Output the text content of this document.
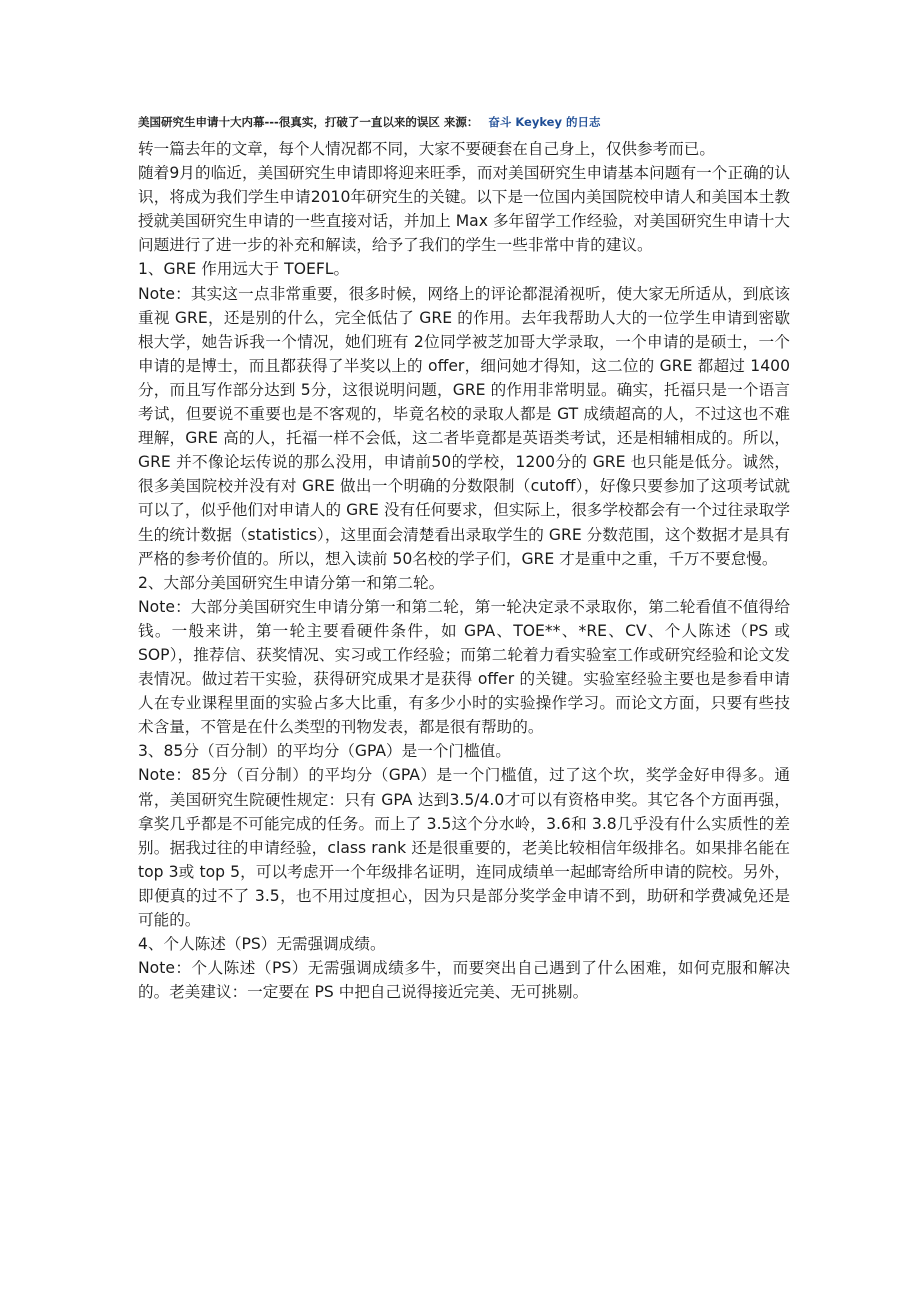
美国研究生申请十大内幕---很真实，打破了一直以来的误区 来源： 奋斗 Keykey 的日志

转一篇去年的文章，每个人情况都不同，大家不要硬套在自己身上，仅供参考而已。

随着9月的临近，美国研究生申请即将迎来旺季，而对美国研究生申请基本问题有一个正确的认识，将成为我们学生申请2010年研究生的关键。以下是一位国内美国院校申请人和美国本土教授就美国研究生申请的一些直接对话，并加上 Max 多年留学工作经验，对美国研究生申请十大问题进行了进一步的补充和解读，给予了我们的学生一些非常中肯的建议。

1、GRE 作用远大于 TOEFL。

Note：其实这一点非常重要，很多时候，网络上的评论都混淆视听，使大家无所适从，到底该重视 GRE，还是别的什么，完全低估了 GRE 的作用。去年我帮助人大的一位学生申请到密歇根大学，她告诉我一个情况，她们班有 2位同学被芝加哥大学录取，一个申请的是硕士，一个申请的是博士，而且都获得了半奖以上的 offer，细问她才得知，这二位的 GRE 都超过 1400分，而且写作部分达到 5分，这很说明问题，GRE 的作用非常明显。确实，托福只是一个语言考试，但要说不重要也是不客观的，毕竟名校的录取人都是 GT 成绩超高的人，不过这也不难理解，GRE 高的人，托福一样不会低，这二者毕竟都是英语类考试，还是相辅相成的。所以，GRE 并不像论坛传说的那么没用，申请前50的学校，1200分的 GRE 也只能是低分。诚然，很多美国院校并没有对 GRE 做出一个明确的分数限制（cutoff），好像只要参加了这项考试就可以了，似乎他们对申请人的 GRE 没有任何要求，但实际上，很多学校都会有一个过往录取学生的统计数据（statistics），这里面会清楚看出录取学生的 GRE 分数范围，这个数据才是具有严格的参考价值的。所以，想入读前 50名校的学子们，GRE 才是重中之重，千万不要怠慢。

2、大部分美国研究生申请分第一和第二轮。

Note：大部分美国研究生申请分第一和第二轮，第一轮决定录不录取你，第二轮看值不值得给钱。一般来讲，第一轮主要看硬件条件，如 GPA、TOE**、*RE、CV、个人陈述（PS 或 SOP），推荐信、获奖情况、实习或工作经验；而第二轮着力看实验室工作或研究经验和论文发表情况。做过若干实验，获得研究成果才是获得 offer 的关键。实验室经验主要也是参看申请人在专业课程里面的实验占多大比重，有多少小时的实验操作学习。而论文方面，只要有些技术含量，不管是在什么类型的刊物发表，都是很有帮助的。

3、85分（百分制）的平均分（GPA）是一个门槛值。

Note：85分（百分制）的平均分（GPA）是一个门槛值，过了这个坎，奖学金好申得多。通常，美国研究生院硬性规定：只有 GPA 达到3.5/4.0才可以有资格申奖。其它各个方面再强，拿奖几乎都是不可能完成的任务。而上了 3.5这个分水岭，3.6和 3.8几乎没有什么实质性的差别。据我过往的申请经验，class rank 还是很重要的，老美比较相信年级排名。如果排名能在 top 3或 top 5，可以考虑开一个年级排名证明，连同成绩单一起邮寄给所申请的院校。另外，即便真的过不了 3.5，也不用过度担心，因为只是部分奖学金申请不到，助研和学费减免还是可能的。

4、个人陈述（PS）无需强调成绩。

Note：个人陈述（PS）无需强调成绩多牛，而要突出自己遇到了什么困难，如何克服和解决的。老美建议：一定要在 PS 中把自己说得接近完美、无可挑剔。
